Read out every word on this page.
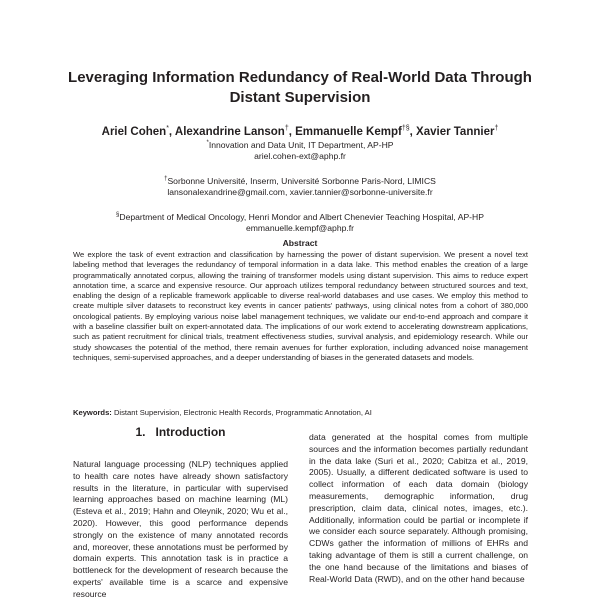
Leveraging Information Redundancy of Real-World Data Through Distant Supervision
Ariel Cohen*, Alexandrine Lanson†, Emmanuelle Kempf†§, Xavier Tannier†
*Innovation and Data Unit, IT Department, AP-HP
ariel.cohen-ext@aphp.fr
†Sorbonne Université, Inserm, Université Sorbonne Paris-Nord, LIMICS
lansonalexandrine@gmail.com, xavier.tannier@sorbonne-universite.fr
§Department of Medical Oncology, Henri Mondor and Albert Chenevier Teaching Hospital, AP-HP
emmanuelle.kempf@aphp.fr
Abstract
We explore the task of event extraction and classification by harnessing the power of distant supervision. We present a novel text labeling method that leverages the redundancy of temporal information in a data lake. This method enables the creation of a large programmatically annotated corpus, allowing the training of transformer models using distant supervision. This aims to reduce expert annotation time, a scarce and expensive resource. Our approach utilizes temporal redundancy between structured sources and text, enabling the design of a replicable framework applicable to diverse real-world databases and use cases. We employ this method to create multiple silver datasets to reconstruct key events in cancer patients' pathways, using clinical notes from a cohort of 380,000 oncological patients. By employing various noise label management techniques, we validate our end-to-end approach and compare it with a baseline classifier built on expert-annotated data. The implications of our work extend to accelerating downstream applications, such as patient recruitment for clinical trials, treatment effectiveness studies, survival analysis, and epidemiology research. While our study showcases the potential of the method, there remain avenues for further exploration, including advanced noise management techniques, semi-supervised approaches, and a deeper understanding of biases in the generated datasets and models.
Keywords: Distant Supervision, Electronic Health Records, Programmatic Annotation, AI
1. Introduction
Natural language processing (NLP) techniques applied to health care notes have already shown satisfactory results in the literature, in particular with supervised learning approaches based on machine learning (ML) (Esteva et al., 2019; Hahn and Oleynik, 2020; Wu et al., 2020). However, this good performance depends strongly on the existence of many annotated records and, moreover, these annotations must be performed by domain experts. This annotation task is in practice a bottleneck for the development of research because the experts' available time is a scarce and expensive resource
data generated at the hospital comes from multiple sources and the information becomes partially redundant in the data lake (Suri et al., 2020; Cabitza et al., 2019, 2005). Usually, a different dedicated software is used to collect information of each data domain (biology measurements, demographic information, drug prescription, claim data, clinical notes, images, etc.). Additionally, information could be partial or incomplete if we consider each source separately. Although promising, CDWs gather the information of millions of EHRs and taking advantage of them is still a current challenge, on the one hand because of the limitations and biases of Real-World Data (RWD), and on the other hand because
